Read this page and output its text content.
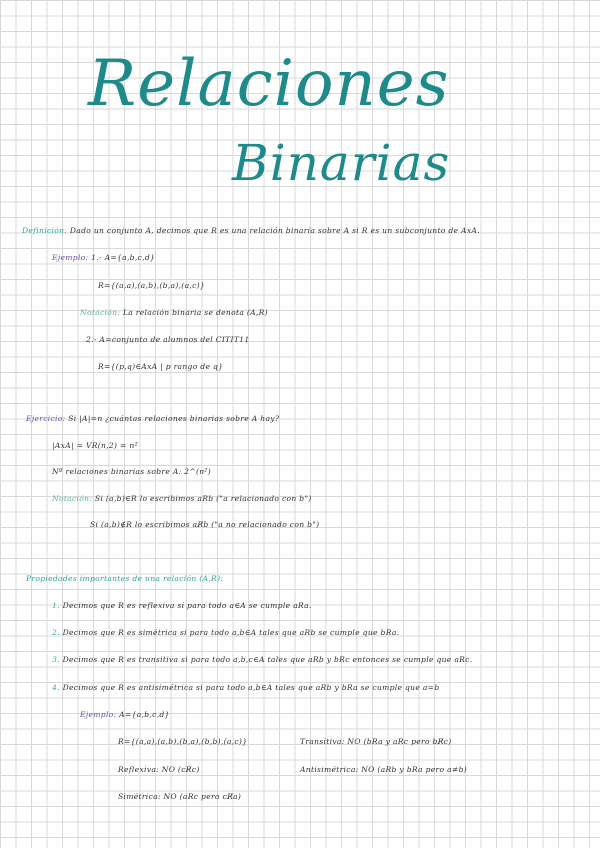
Relaciones
Binarias
Definición: Dado un conjunto A, decimos que R es una relación binaria sobre A si R es un subconjunto de AxA.
Ejemplo: 1.- A={a,b,c,d}
R={(a,a),(a,b),(b,a),(a,c)}
Notación: La relación binaria se denota (A,R)
2.- A=conjunto de alumnos del CITIT11
R={(p,q)∈AxA | p rango de q}
Ejercicio: Si |A|=n ¿cuántas relaciones binarias sobre A hay?
|AxA| = VR(n,2) = n²
Nº relaciones binarias sobre A: 2^(n²)
Notación: Si (a,b)∈R lo escribimos aRb ("a relacionado con b")
Si (a,b)∉R lo escribimos aR̸b ("a no relacionado con b")
Propiedades importantes de una relación (A,R):
1. Decimos que R es reflexiva si para todo a∈A se cumple aRa.
2. Decimos que R es simétrica si para todo a,b∈A tales que aRb se cumple que bRa.
3. Decimos que R es transitiva si para todo a,b,c∈A tales que aRb y bRc entonces se cumple que aRc.
4. Decimos que R es antisimétrica si para todo a,b∈A tales que aRb y bRa se cumple que a=b
Ejemplo: A={a,b,c,d}
R={(a,a),(a,b),(b,a),(b,b),(a,c)}	Transitiva: NO (bRa y aRc pero bR̸c)
Reflexiva: NO (cR̸c)	Antisimétrica: NO (aRb y bRa pero a≠b)
Simétrica: NO (aRc pero cR̸a)
